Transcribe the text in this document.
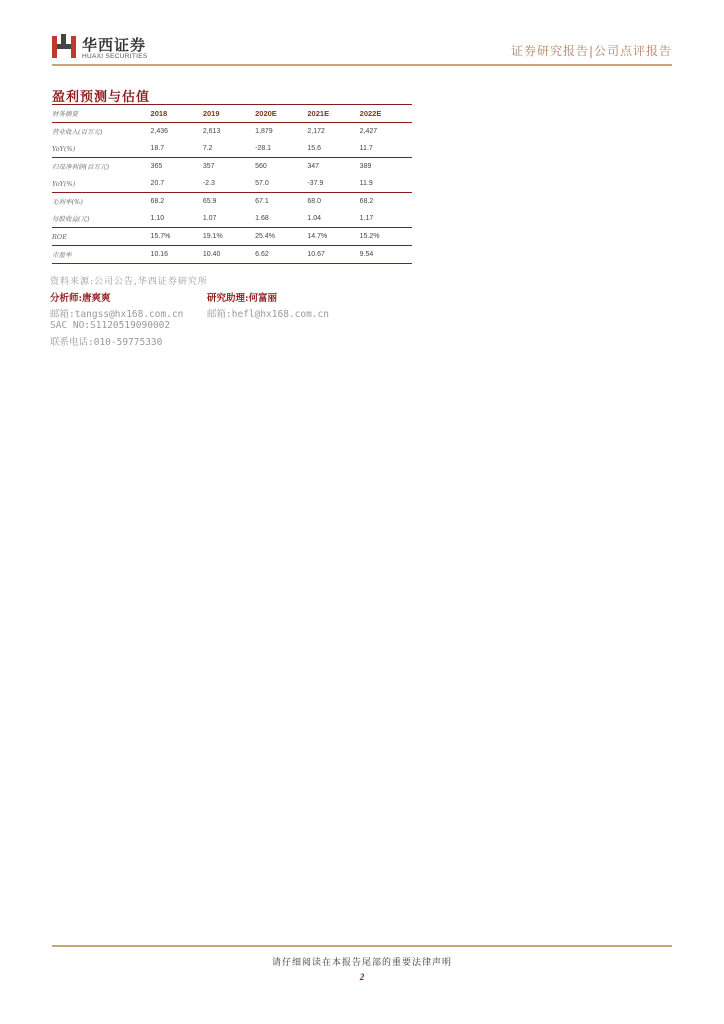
华西证券
HUAXI SECURITIES	证券研究报告|公司点评报告
盈利预测与估值
财务摘要	2018	2019	2020E	2021E	2022E
营业收入(百万元)	2,436	2,613	1,879	2,172	2,427
YoY(%)	18.7	7.2	-28.1	15.6	11.7
归母净利润(百万元)	365	357	560	347	389
YoY(%)	20.7	-2.3	57.0	-37.9	11.9
毛利率(%)	68.2	65.9	67.1	68.0	68.2
每股收益(元)	1.10	1.07	1.68	1.04	1.17
ROE	15.7%	19.1%	25.4%	14.7%	15.2%
市盈率	10.16	10.40	6.62	10.67	9.54
资料来源:公司公告,华西证券研究所
分析师:唐爽爽	研究助理:何富丽
邮箱:tangss@hx168.com.cn 邮箱:hefl@hx168.com.cn
SAC NO:S1120519090002
联系电话:010-59775330
请仔细阅读在本报告尾部的重要法律声明
2
